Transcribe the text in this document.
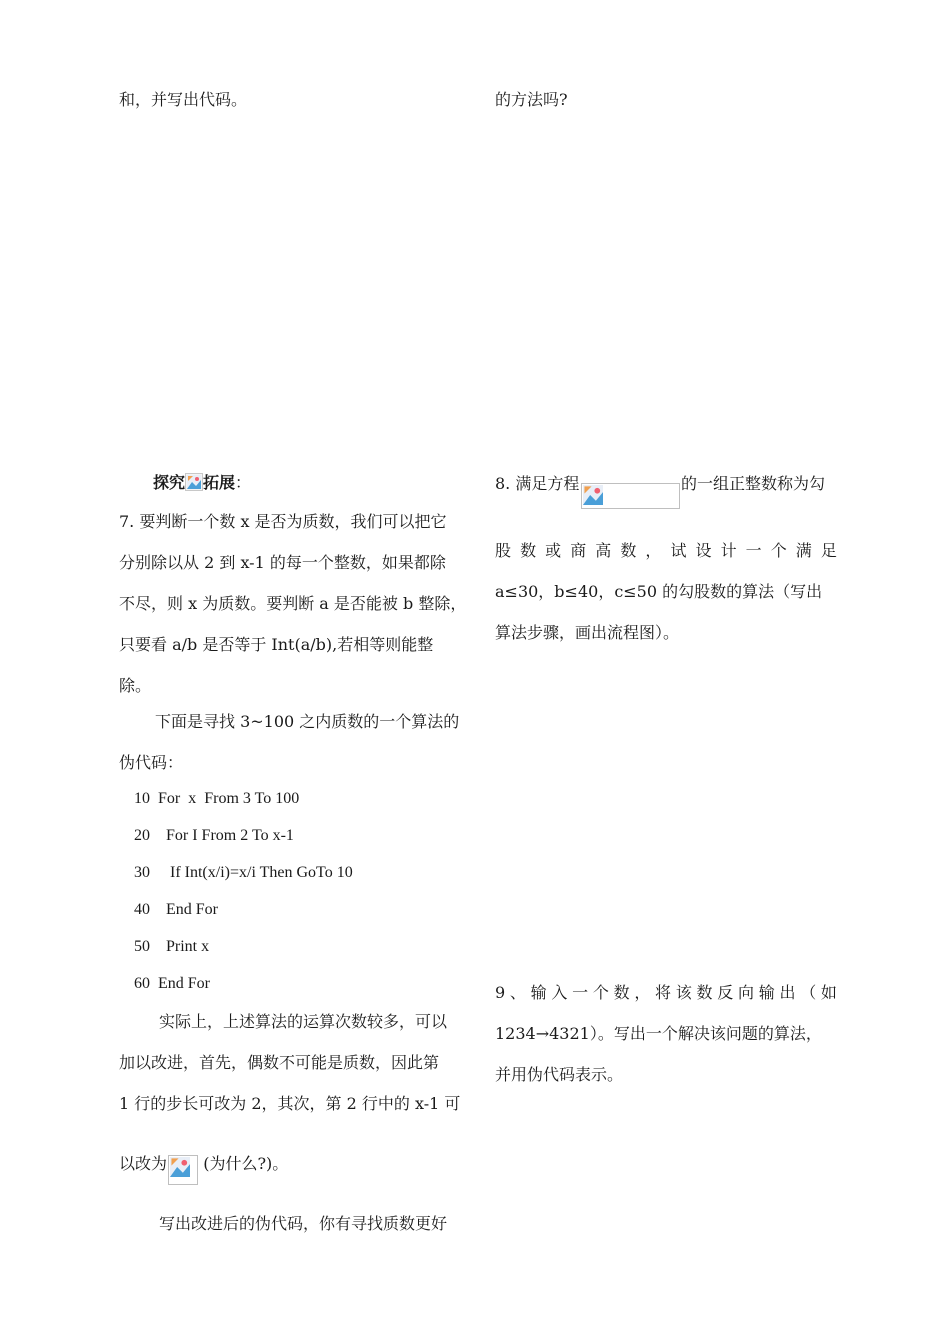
和，并写出代码。
探究 拓展：
7. 要判断一个数 x 是否为质数，我们可以把它
分别除以从 2 到 x-1 的每一个整数，如果都除
不尽，则 x 为质数。要判断 a 是否能被 b 整除，
只要看 a/b 是否等于 Int(a/b),若相等则能整
除。
下面是寻找 3~100 之内质数的一个算法的
伪代码：
10  For  x  From 3 To 100
20    For I From 2 To x-1
30     If Int(x/i)=x/i Then GoTo 10
40    End For
50    Print x
60  End For
实际上，上述算法的运算次数较多，可以
加以改进，首先，偶数不可能是质数，因此第
1 行的步长可改为 2，其次，第 2 行中的 x-1 可
以改为 (为什么?)。
写出改进后的伪代码，你有寻找质数更好
的方法吗?
8. 满足方程	的一组正整数称为勾
股 数 或 商 高 数 ， 试 设 计 一 个 满 足
a≤30，b≤40，c≤50 的勾股数的算法（写出
算法步骤，画出流程图）。
9 、 输 入 一 个 数 ， 将 该 数 反 向 输 出 （ 如
1234→4321）。写出一个解决该问题的算法，
并用伪代码表示。
